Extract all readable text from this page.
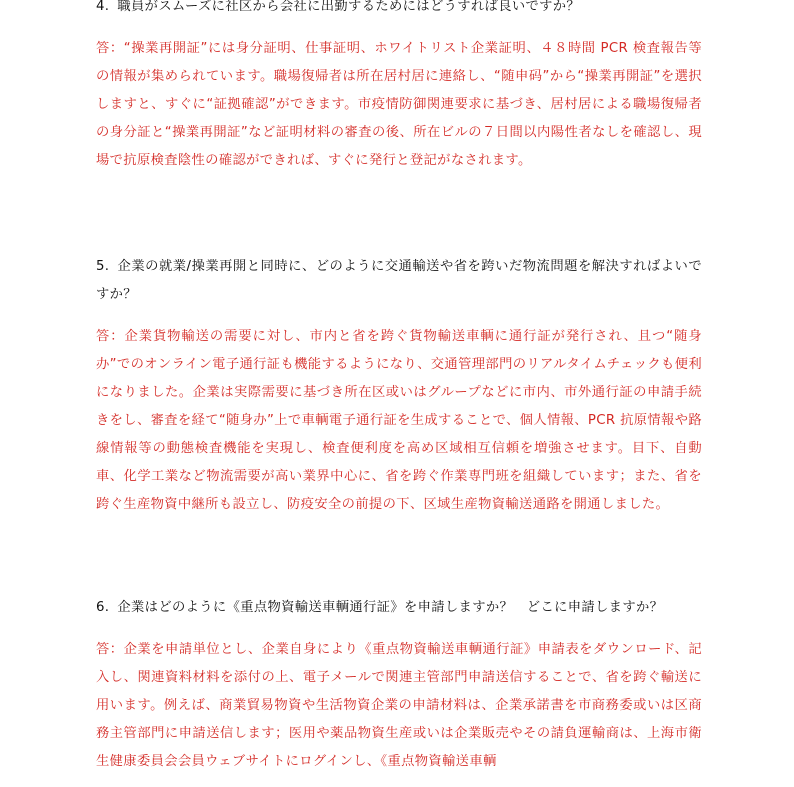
4. 職員がスムーズに社区から会社に出勤するためにはどうすれば良いですか？

答：“操業再開証”には身分証明、仕事証明、ホワイトリスト企業証明、４８時間 PCR 検査報告等の情報が集められています。職場復帰者は所在居村居に連絡し、“随申码”から“操業再開証”を選択しますと、すぐに“証拠確認”ができます。市疫情防御関連要求に基づき、居村居による職場復帰者の身分証と“操業再開証”など証明材料の審査の後、所在ビルの７日間以内陽性者なしを確認し、現場で抗原検査陰性の確認ができれば、すぐに発行と登記がなされます。

5. 企業の就業/操業再開と同時に、どのように交通輸送や省を跨いだ物流問題を解決すればよいですか？

答：企業貨物輸送の需要に対し、市内と省を跨ぐ貨物輸送車輌に通行証が発行され、且つ“随身办”でのオンライン電子通行証も機能するようになり、交通管理部門のリアルタイムチェックも便利になりました。企業は実際需要に基づき所在区或いはグループなどに市内、市外通行証の申請手続きをし、審査を経て“随身办”上で車輌電子通行証を生成することで、個人情報、PCR 抗原情報や路線情報等の動態検査機能を実現し、検査便利度を高め区域相互信頼を増強させます。目下、自動車、化学工業など物流需要が高い業界中心に、省を跨ぐ作業専門班を組織しています；また、省を跨ぐ生産物資中継所も設立し、防疫安全の前提の下、区域生産物資輸送通路を開通しました。

6. 企業はどのように《重点物資輸送車輌通行証》を申請しますか？　どこに申請しますか？

答：企業を申請単位とし、企業自身により《重点物資輸送車輌通行証》申請表をダウンロード、記入し、関連資料材料を添付の上、電子メールで関連主管部門申請送信することで、省を跨ぐ輸送に用います。例えば、商業貿易物資や生活物資企業の申請材料は、企業承諾書を市商務委或いは区商務主管部門に申請送信します；医用や薬品物資生産或いは企業販売やその請負運輸商は、上海市衛生健康委員会会員ウェブサイトにログインし、《重点物資輸送車輌
